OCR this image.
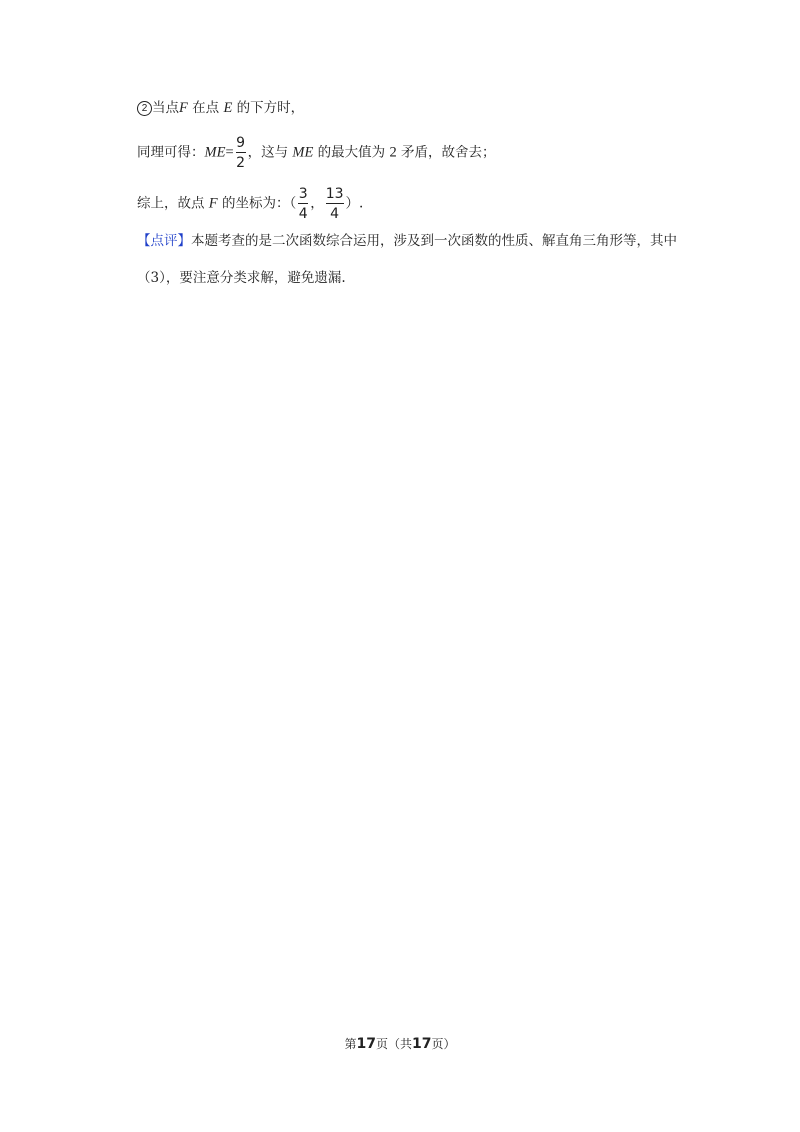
2 当点F 在点 E 的下方时，
同理可得：$ME= \frac{9}{2}$ ，这与 ME 的最大值为 2 矛盾，故舍去；
综上，故点 F 的坐标为：（ $\frac{3}{4}$ ， $\frac{13}{4}$ ）.
【点评】本题考查的是二次函数综合运用，涉及到一次函数的性质、解直角三角形等，其中
（3），要注意分类求解，避免遗漏.
第17页（共17页）
